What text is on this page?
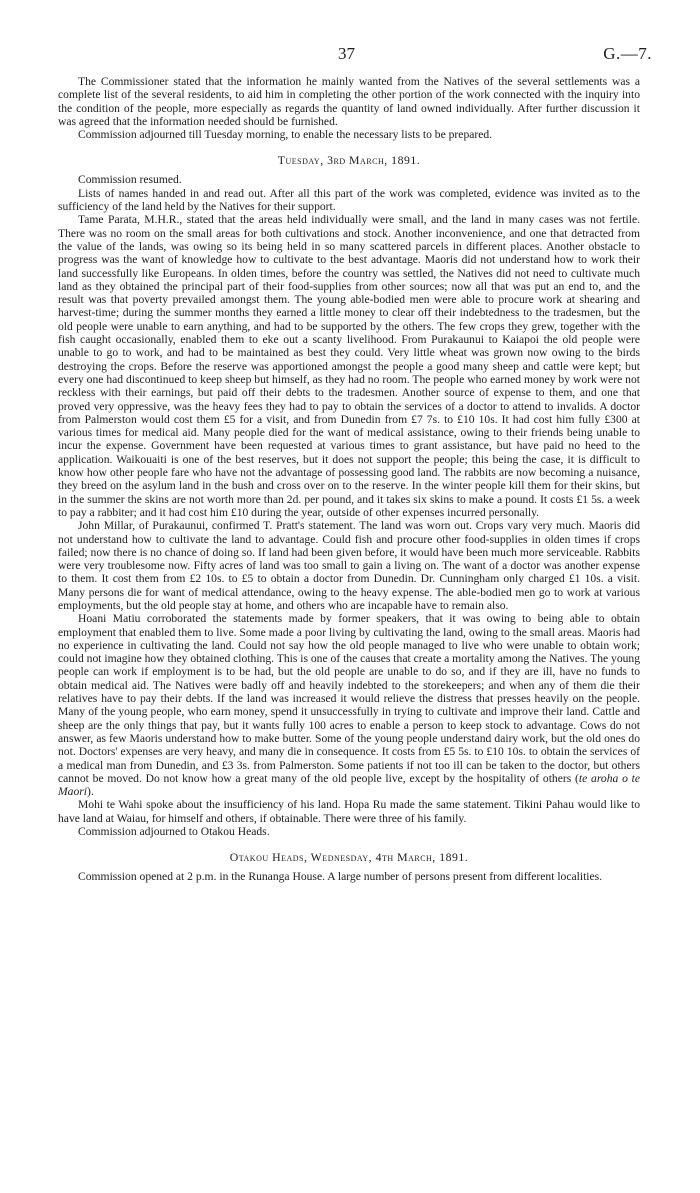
37	G.—7.

The Commissioner stated that the information he mainly wanted from the Natives of the several settlements was a complete list of the several residents, to aid him in completing the other portion of the work connected with the inquiry into the condition of the people, more especially as regards the quantity of land owned individually. After further discussion it was agreed that the information needed should be furnished.

Commission adjourned till Tuesday morning, to enable the necessary lists to be prepared.

Tuesday, 3rd March, 1891.

Commission resumed.

Lists of names handed in and read out. After all this part of the work was completed, evidence was invited as to the sufficiency of the land held by the Natives for their support.

Tame Parata, M.H.R., stated that the areas held individually were small, and the land in many cases was not fertile. There was no room on the small areas for both cultivations and stock. Another inconvenience, and one that detracted from the value of the lands, was owing so its being held in so many scattered parcels in different places. Another obstacle to progress was the want of knowledge how to cultivate to the best advantage. Maoris did not understand how to work their land successfully like Europeans. In olden times, before the country was settled, the Natives did not need to cultivate much land as they obtained the principal part of their food-supplies from other sources; now all that was put an end to, and the result was that poverty prevailed amongst them. The young able-bodied men were able to procure work at shearing and harvest-time; during the summer months they earned a little money to clear off their indebtedness to the tradesmen, but the old people were unable to earn anything, and had to be supported by the others. The few crops they grew, together with the fish caught occasionally, enabled them to eke out a scanty livelihood. From Purakaunui to Kaiapoi the old people were unable to go to work, and had to be maintained as best they could. Very little wheat was grown now owing to the birds destroying the crops. Before the reserve was apportioned amongst the people a good many sheep and cattle were kept; but every one had discontinued to keep sheep but himself, as they had no room. The people who earned money by work were not reckless with their earnings, but paid off their debts to the tradesmen. Another source of expense to them, and one that proved very oppressive, was the heavy fees they had to pay to obtain the services of a doctor to attend to invalids. A doctor from Palmerston would cost them £5 for a visit, and from Dunedin from £7 7s. to £10 10s. It had cost him fully £300 at various times for medical aid. Many people died for the want of medical assistance, owing to their friends being unable to incur the expense. Government have been requested at various times to grant assistance, but have paid no heed to the application. Waikouaiti is one of the best reserves, but it does not support the people; this being the case, it is difficult to know how other people fare who have not the advantage of possessing good land. The rabbits are now becoming a nuisance, they breed on the asylum land in the bush and cross over on to the reserve. In the winter people kill them for their skins, but in the summer the skins are not worth more than 2d. per pound, and it takes six skins to make a pound. It costs £1 5s. a week to pay a rabbiter; and it had cost him £10 during the year, outside of other expenses incurred personally.

John Millar, of Purakaunui, confirmed T. Pratt's statement. The land was worn out. Crops vary very much. Maoris did not understand how to cultivate the land to advantage. Could fish and procure other food-supplies in olden times if crops failed; now there is no chance of doing so. If land had been given before, it would have been much more serviceable. Rabbits were very troublesome now. Fifty acres of land was too small to gain a living on. The want of a doctor was another expense to them. It cost them from £2 10s. to £5 to obtain a doctor from Dunedin. Dr. Cunningham only charged £1 10s. a visit. Many persons die for want of medical attendance, owing to the heavy expense. The able-bodied men go to work at various employments, but the old people stay at home, and others who are incapable have to remain also.

Hoani Matiu corroborated the statements made by former speakers, that it was owing to being able to obtain employment that enabled them to live. Some made a poor living by cultivating the land, owing to the small areas. Maoris had no experience in cultivating the land. Could not say how the old people managed to live who were unable to obtain work; could not imagine how they obtained clothing. This is one of the causes that create a mortality among the Natives. The young people can work if employment is to be had, but the old people are unable to do so, and if they are ill, have no funds to obtain medical aid. The Natives were badly off and heavily indebted to the storekeepers; and when any of them die their relatives have to pay their debts. If the land was increased it would relieve the distress that presses heavily on the people. Many of the young people, who earn money, spend it unsuccessfully in trying to cultivate and improve their land. Cattle and sheep are the only things that pay, but it wants fully 100 acres to enable a person to keep stock to advantage. Cows do not answer, as few Maoris understand how to make butter. Some of the young people understand dairy work, but the old ones do not. Doctors' expenses are very heavy, and many die in consequence. It costs from £5 5s. to £10 10s. to obtain the services of a medical man from Dunedin, and £3 3s. from Palmerston. Some patients if not too ill can be taken to the doctor, but others cannot be moved. Do not know how a great many of the old people live, except by the hospitality of others (te aroha o te Maori).

Mohi te Wahi spoke about the insufficiency of his land. Hopa Ru made the same statement. Tikini Pahau would like to have land at Waiau, for himself and others, if obtainable. There were three of his family.

Commission adjourned to Otakou Heads.

Otakou Heads, Wednesday, 4th March, 1891.

Commission opened at 2 p.m. in the Runanga House. A large number of persons present from different localities.
